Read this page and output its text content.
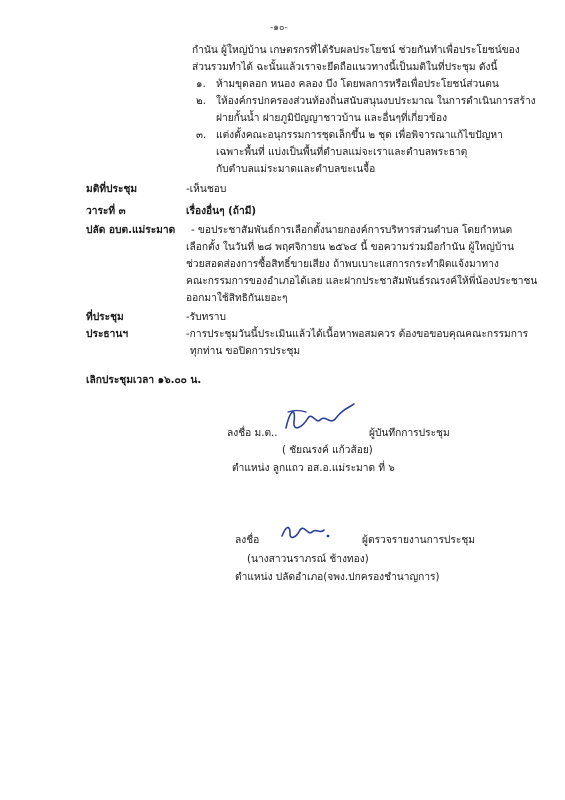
-๑๐-
กำนัน ผู้ใหญ่บ้าน เกษตรกรที่ได้รับผลประโยชน์ ช่วยกันทำเพื่อประโยชน์ของ
ส่วนรวมทำได้ ฉะนั้นแล้วเราจะยึดถือแนวทางนี้เป็นมติในที่ประชุม ดังนี้
๑. ห้ามขุดลอก หนอง คลอง บึง โดยพลการหรือเพื่อประโยชน์ส่วนตน
๒. ให้องค์กรปกครองส่วนท้องถิ่นสนับสนุนงบประมาณ ในการดำเนินการสร้าง
ฝายกั้นน้ำ ฝายภูมิปัญญาชาวบ้าน และอื่นๆที่เกี่ยวข้อง
๓. แต่งตั้งคณะอนุกรรมการชุดเล็กขึ้น ๒ ชุด เพื่อพิจารณาแก้ไขปัญหา
เฉพาะพื้นที่ แบ่งเป็นพื้นที่ตำบลแม่จะเราและตำบลพระธาตุ
กับตำบลแม่ระมาดและตำบลขะเนจื้อ
มติที่ประชุม	-เห็นชอบ
วาระที่ ๓	เรื่องอื่นๆ (ถ้ามี)
ปลัด อบต.แม่ระมาด - ขอประชาสัมพันธ์การเลือกตั้งนายกองค์การบริหารส่วนตำบล โดยกำหนด
เลือกตั้ง ในวันที่ ๒๘ พฤศจิกายน ๒๕๖๔ นี้ ขอความร่วมมือกำนัน ผู้ใหญ่บ้าน
ช่วยสอดส่องการซื้อสิทธิ์ขายเสียง ถ้าพบเบาะแสการกระทำผิดแจ้งมาทาง
คณะกรรมการของอำเภอได้เลย และฝากประชาสัมพันธ์รณรงค์ให้พี่น้องประชาชน
ออกมาใช้สิทธิกันเยอะๆ
ที่ประชุม	-รับทราบ
ประธานฯ	-การประชุมวันนี้ประเมินแล้วได้เนื้อหาพอสมควร ต้องขอขอบคุณคณะกรรมการ
ทุกท่าน ขอปิดการประชุม
เลิกประชุมเวลา ๑๖.๐๐ น.
ลงชื่อ ม.ต..	ผู้บันทึกการประชุม
( ชัยณรงค์ แก้วส้อย)
ตำแหน่ง ลูกแถว อส.อ.แม่ระมาด ที่ ๖
ลงชื่อ	ผู้ตรวจรายงานการประชุม
(นางสาวนราภรณ์ ช้างทอง)
ตำแหน่ง ปลัดอำเภอ(จพง.ปกครองชำนาญการ)
